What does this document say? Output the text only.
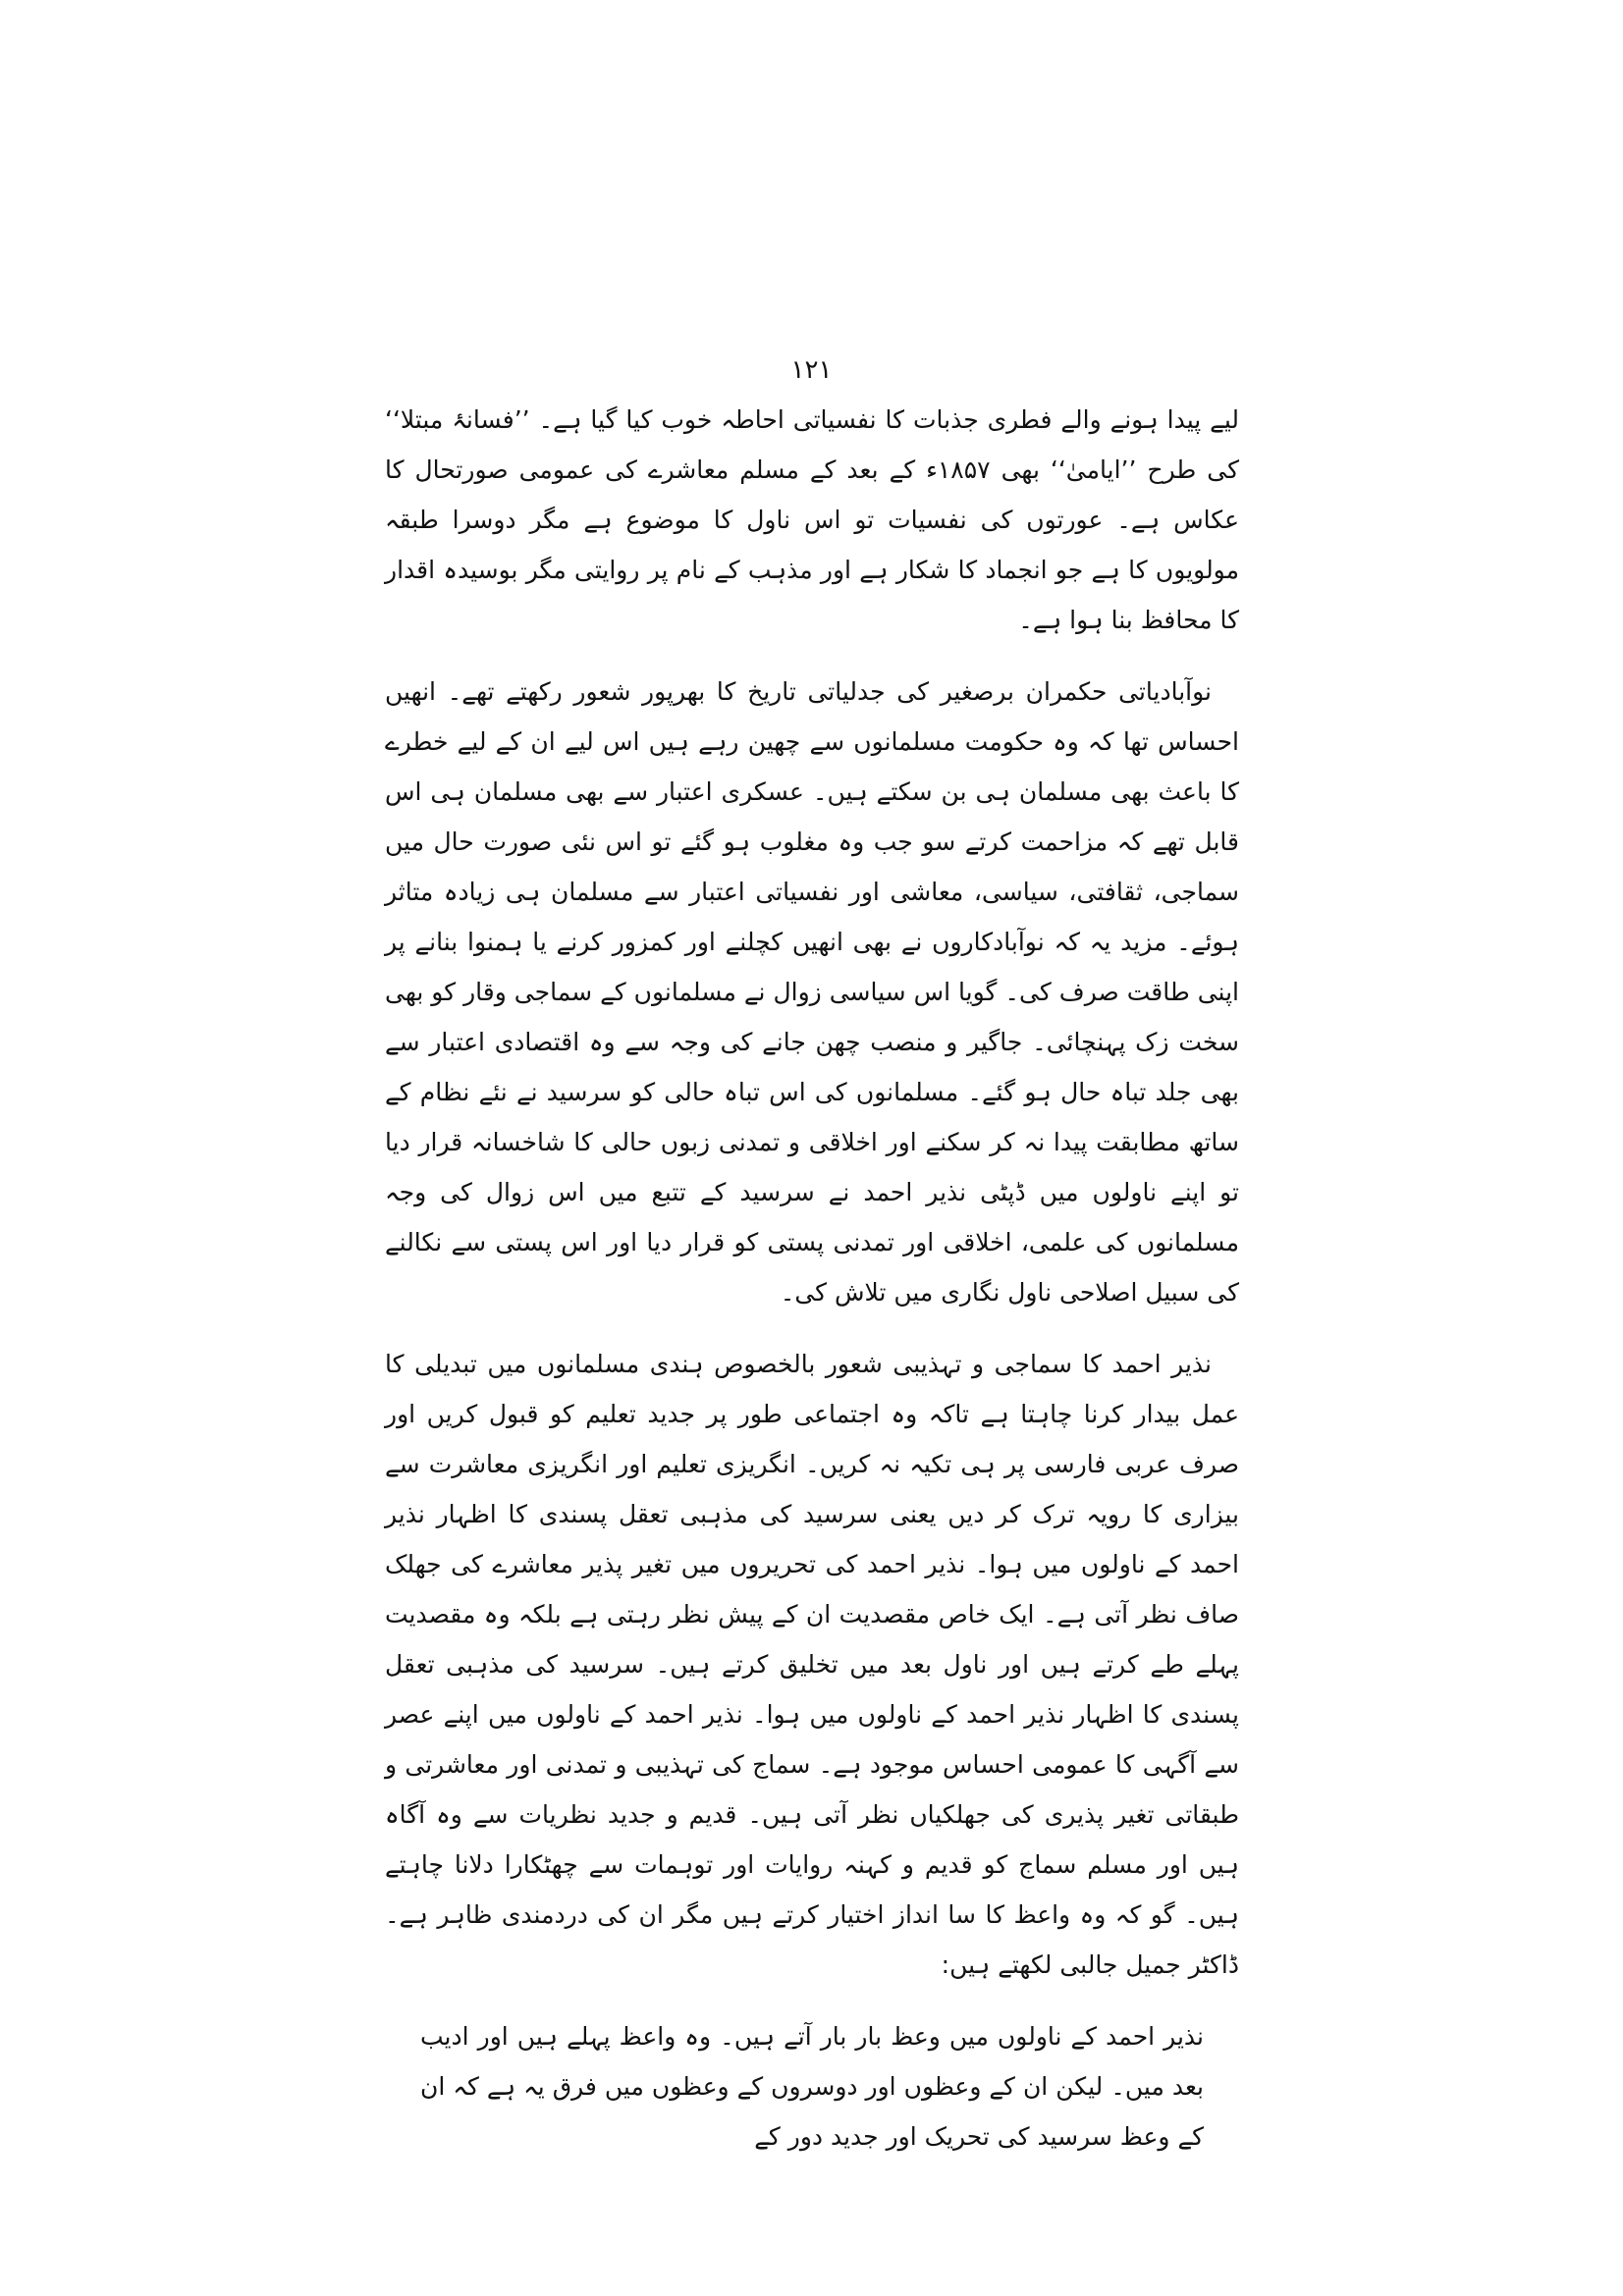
۱۲۱

لیے پیدا ہونے والے فطری جذبات کا نفسیاتی احاطہ خوب کیا گیا ہے۔ ’’فسانۂ مبتلا‘‘ کی طرح ’’ایامیٰ‘‘ بھی ۱۸۵۷ء کے بعد کے مسلم معاشرے کی عمومی صورتحال کا عکاس ہے۔ عورتوں کی نفسیات تو اس ناول کا موضوع ہے مگر دوسرا طبقہ مولویوں کا ہے جو انجماد کا شکار ہے اور مذہب کے نام پر روایتی مگر بوسیدہ اقدار کا محافظ بنا ہوا ہے۔

نوآبادیاتی حکمران برصغیر کی جدلیاتی تاریخ کا بھرپور شعور رکھتے تھے۔ انھیں احساس تھا کہ وہ حکومت مسلمانوں سے چھین رہے ہیں اس لیے ان کے لیے خطرے کا باعث بھی مسلمان ہی بن سکتے ہیں۔ عسکری اعتبار سے بھی مسلمان ہی اس قابل تھے کہ مزاحمت کرتے سو جب وہ مغلوب ہو گئے تو اس نئی صورت حال میں سماجی، ثقافتی، سیاسی، معاشی اور نفسیاتی اعتبار سے مسلمان ہی زیادہ متاثر ہوئے۔ مزید یہ کہ نوآبادکاروں نے بھی انھیں کچلنے اور کمزور کرنے یا ہمنوا بنانے پر اپنی طاقت صرف کی۔ گویا اس سیاسی زوال نے مسلمانوں کے سماجی وقار کو بھی سخت زک پہنچائی۔ جاگیر و منصب چھن جانے کی وجہ سے وہ اقتصادی اعتبار سے بھی جلد تباہ حال ہو گئے۔ مسلمانوں کی اس تباہ حالی کو سرسید نے نئے نظام کے ساتھ مطابقت پیدا نہ کر سکنے اور اخلاقی و تمدنی زبوں حالی کا شاخسانہ قرار دیا تو اپنے ناولوں میں ڈپٹی نذیر احمد نے سرسید کے تتبع میں اس زوال کی وجہ مسلمانوں کی علمی، اخلاقی اور تمدنی پستی کو قرار دیا اور اس پستی سے نکالنے کی سبیل اصلاحی ناول نگاری میں تلاش کی۔

نذیر احمد کا سماجی و تہذیبی شعور بالخصوص ہندی مسلمانوں میں تبدیلی کا عمل بیدار کرنا چاہتا ہے تاکہ وہ اجتماعی طور پر جدید تعلیم کو قبول کریں اور صرف عربی فارسی پر ہی تکیہ نہ کریں۔ انگریزی تعلیم اور انگریزی معاشرت سے بیزاری کا رویہ ترک کر دیں یعنی سرسید کی مذہبی تعقل پسندی کا اظہار نذیر احمد کے ناولوں میں ہوا۔ نذیر احمد کی تحریروں میں تغیر پذیر معاشرے کی جھلک صاف نظر آتی ہے۔ ایک خاص مقصدیت ان کے پیش نظر رہتی ہے بلکہ وہ مقصدیت پہلے طے کرتے ہیں اور ناول بعد میں تخلیق کرتے ہیں۔ سرسید کی مذہبی تعقل پسندی کا اظہار نذیر احمد کے ناولوں میں ہوا۔ نذیر احمد کے ناولوں میں اپنے عصر سے آگہی کا عمومی احساس موجود ہے۔ سماج کی تہذیبی و تمدنی اور معاشرتی و طبقاتی تغیر پذیری کی جھلکیاں نظر آتی ہیں۔ قدیم و جدید نظریات سے وہ آگاہ ہیں اور مسلم سماج کو قدیم و کہنہ روایات اور توہمات سے چھٹکارا دلانا چاہتے ہیں۔ گو کہ وہ واعظ کا سا انداز اختیار کرتے ہیں مگر ان کی دردمندی ظاہر ہے۔ ڈاکٹر جمیل جالبی لکھتے ہیں:

نذیر احمد کے ناولوں میں وعظ بار بار آتے ہیں۔ وہ واعظ پہلے ہیں اور ادیب بعد میں۔ لیکن ان کے وعظوں اور دوسروں کے وعظوں میں فرق یہ ہے کہ ان کے وعظ سرسید کی تحریک اور جدید دور کے
